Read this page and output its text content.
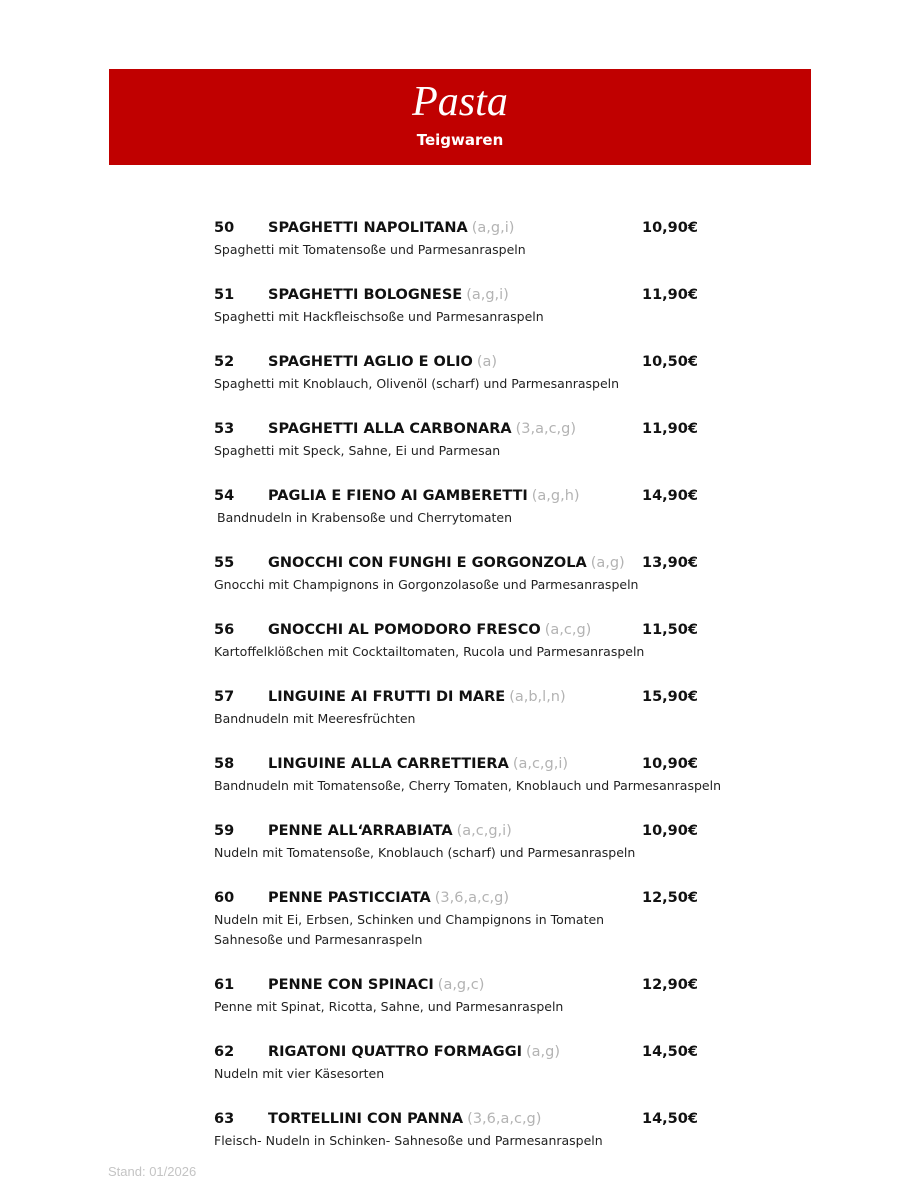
Pasta
Teigwaren
50 SPAGHETTI NAPOLITANA (a,g,i)	10,90€
Spaghetti mit Tomatensoße und Parmesanraspeln
51 SPAGHETTI BOLOGNESE (a,g,i)	11,90€
Spaghetti mit Hackfleischsoße und Parmesanraspeln
52 SPAGHETTI AGLIO E OLIO (a)	10,50€
Spaghetti mit Knoblauch, Olivenöl (scharf) und Parmesanraspeln
53 SPAGHETTI ALLA CARBONARA (3,a,c,g)	11,90€
Spaghetti mit Speck, Sahne, Ei und Parmesan
54 PAGLIA E FIENO AI GAMBERETTI (a,g,h)	14,90€
Bandnudeln in Krabensoße und Cherrytomaten
55 GNOCCHI CON FUNGHI E GORGONZOLA (a,g) 13,90€
Gnocchi mit Champignons in Gorgonzolasoße und Parmesanraspeln
56 GNOCCHI AL POMODORO FRESCO (a,c,g)	11,50€
Kartoffelklößchen mit Cocktailtomaten, Rucola und Parmesanraspeln
57 LINGUINE AI FRUTTI DI MARE (a,b,l,n)	15,90€
Bandnudeln mit Meeresfrüchten
58 LINGUINE ALLA CARRETTIERA (a,c,g,i)	10,90€
Bandnudeln mit Tomatensoße, Cherry Tomaten, Knoblauch und Parmesanraspeln
59 PENNE ALL‘ARRABIATA (a,c,g,i)	10,90€
Nudeln mit Tomatensoße, Knoblauch (scharf) und Parmesanraspeln
60 PENNE PASTICCIATA (3,6,a,c,g)	12,50€
Nudeln mit Ei, Erbsen, Schinken und Champignons in Tomaten Sahnesoße und Parmesanraspeln
61 PENNE CON SPINACI (a,g,c)	12,90€
Penne mit Spinat, Ricotta, Sahne, und Parmesanraspeln
62 RIGATONI QUATTRO FORMAGGI (a,g)	14,50€
Nudeln mit vier Käsesorten
63 TORTELLINI CON PANNA (3,6,a,c,g)	14,50€
Fleisch- Nudeln in Schinken- Sahnesoße und Parmesanraspeln
Stand: 01/2026
